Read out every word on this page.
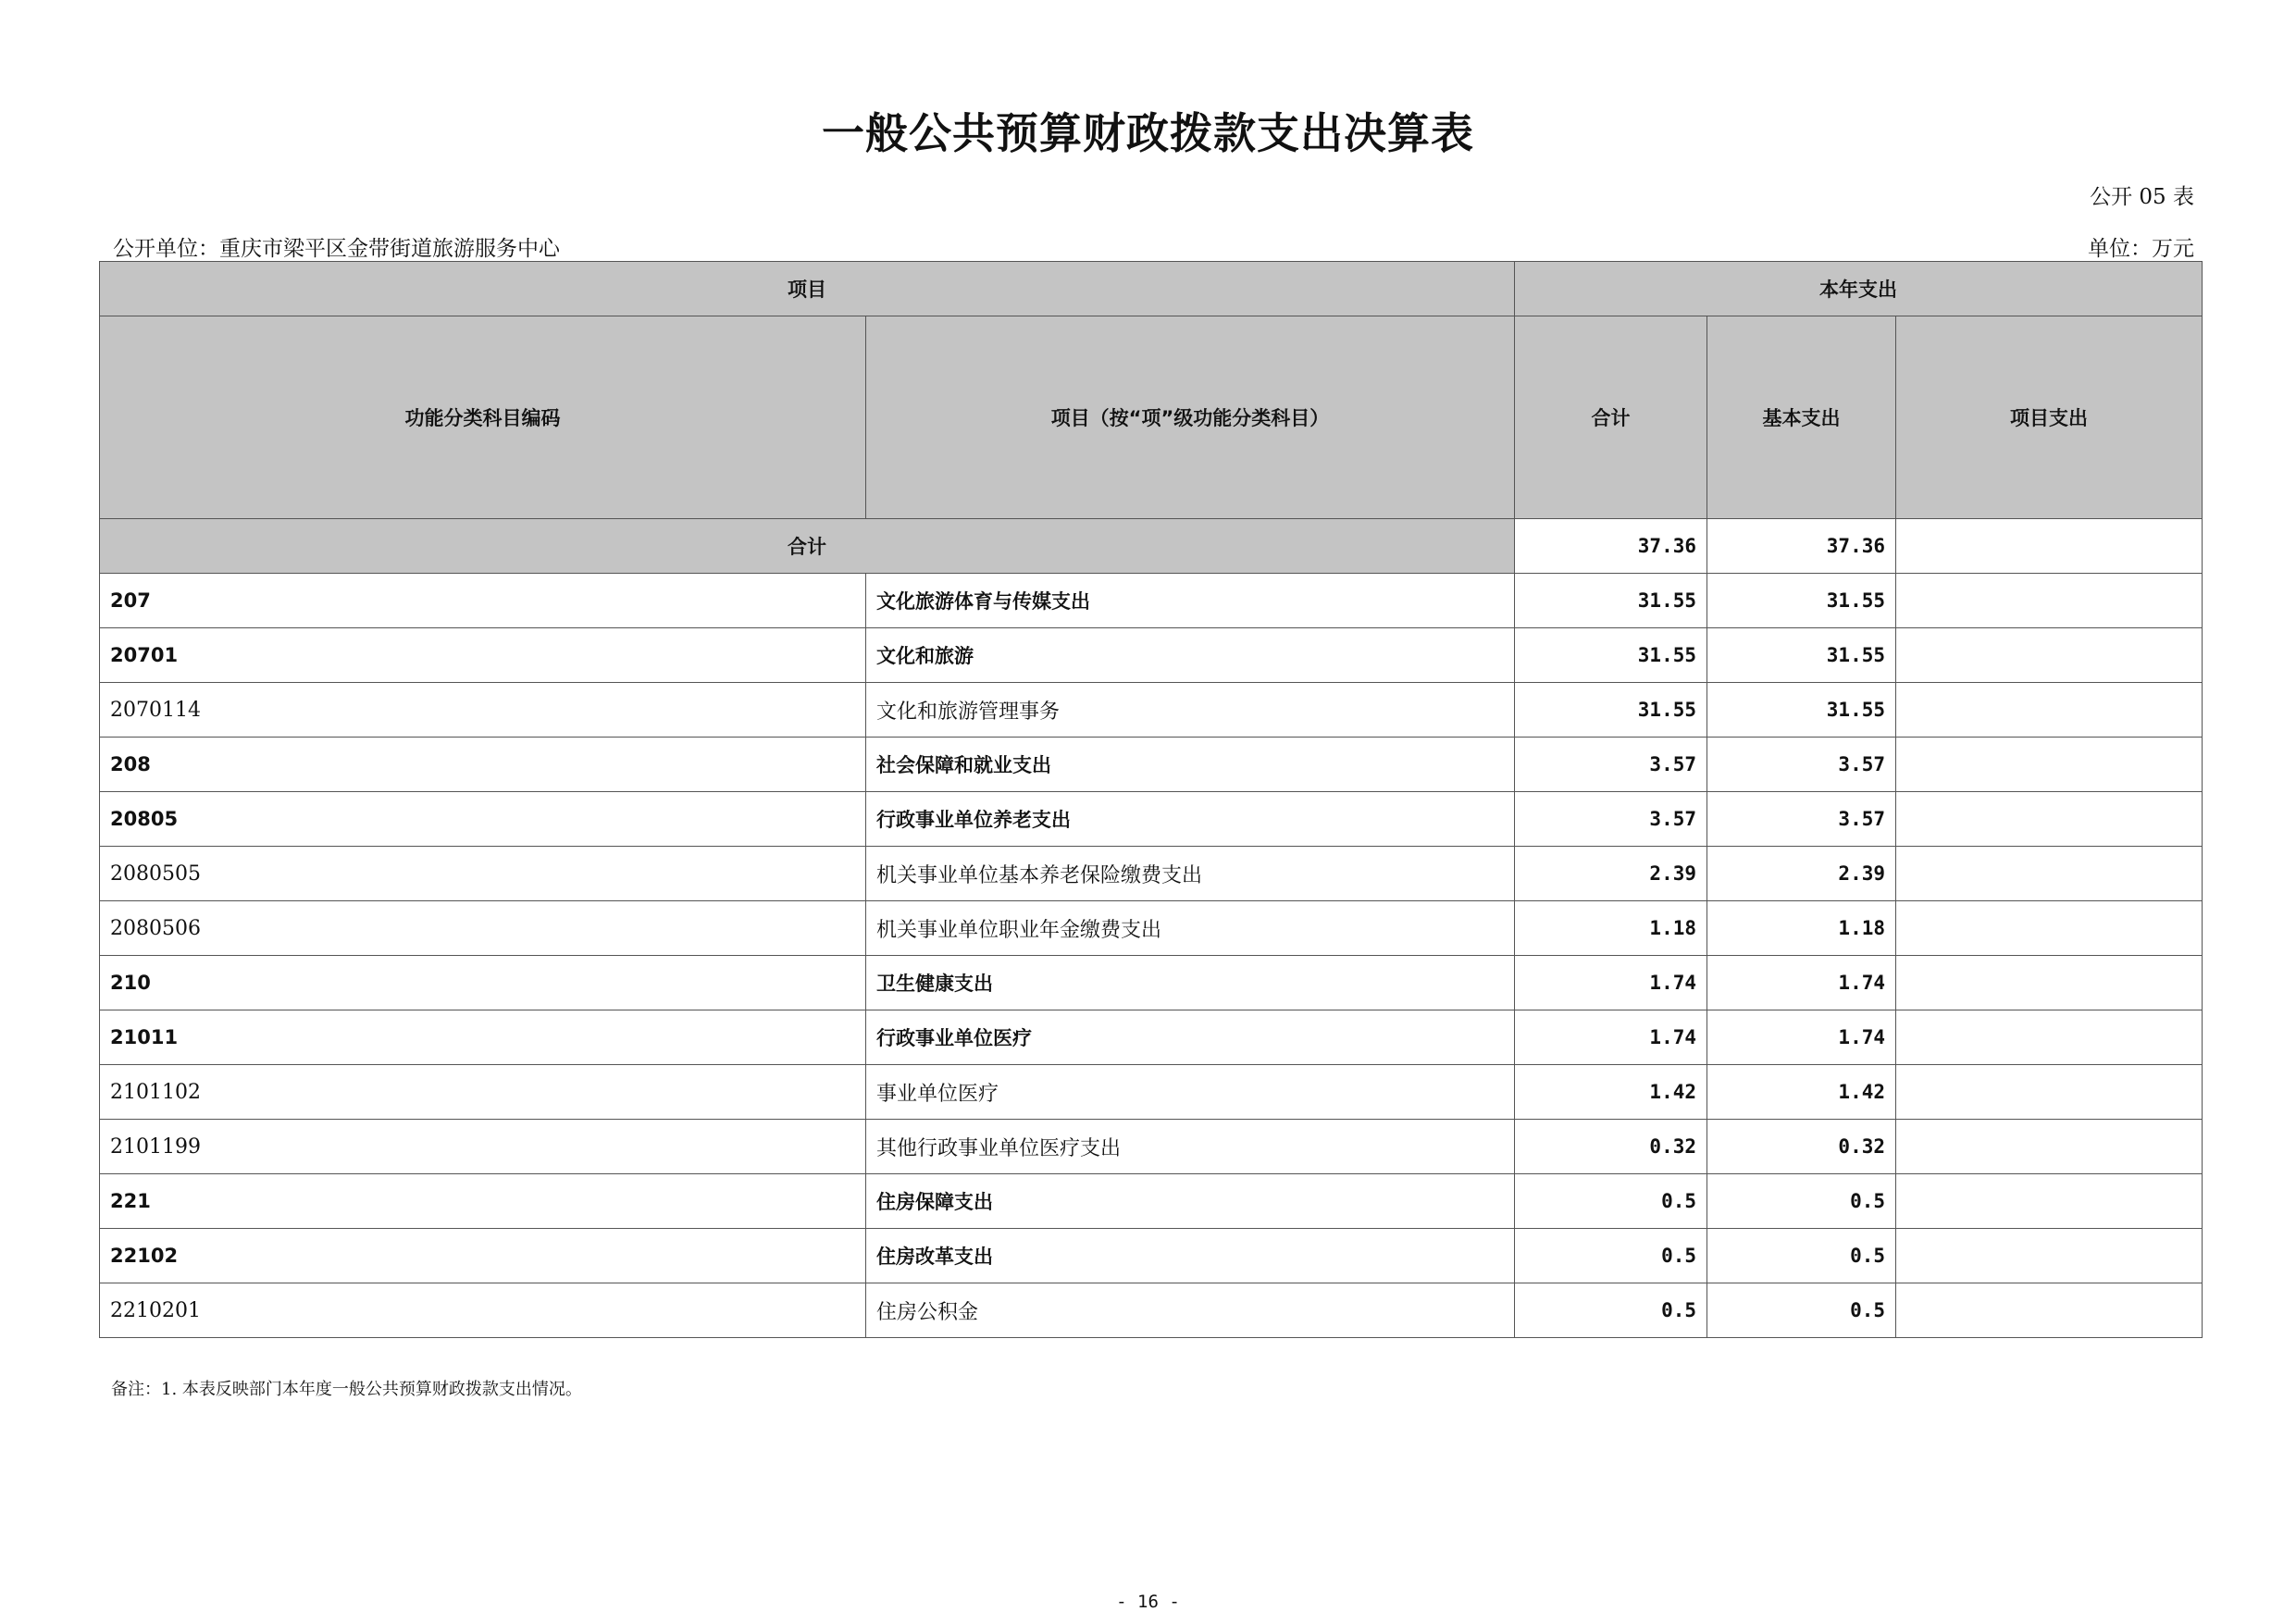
一般公共预算财政拨款支出决算表
公开 05 表
公开单位：重庆市梁平区金带街道旅游服务中心	单位：万元
项目		本年支出		
功能分类科目编码	项目（按“项”级功能分类科目）	合计	基本支出	项目支出
合计		37.36	37.36	
207	文化旅游体育与传媒支出	31.55	31.55	
20701	文化和旅游	31.55	31.55	
2070114	文化和旅游管理事务	31.55	31.55	
208	社会保障和就业支出	3.57	3.57	
20805	行政事业单位养老支出	3.57	3.57	
2080505	机关事业单位基本养老保险缴费支出	2.39	2.39	
2080506	机关事业单位职业年金缴费支出	1.18	1.18	
210	卫生健康支出	1.74	1.74	
21011	行政事业单位医疗	1.74	1.74	
2101102	事业单位医疗	1.42	1.42	
2101199	其他行政事业单位医疗支出	0.32	0.32	
221	住房保障支出	0.5	0.5	
22102	住房改革支出	0.5	0.5	
2210201	住房公积金	0.5	0.5	
备注：1. 本表反映部门本年度一般公共预算财政拨款支出情况。
- 16 -
